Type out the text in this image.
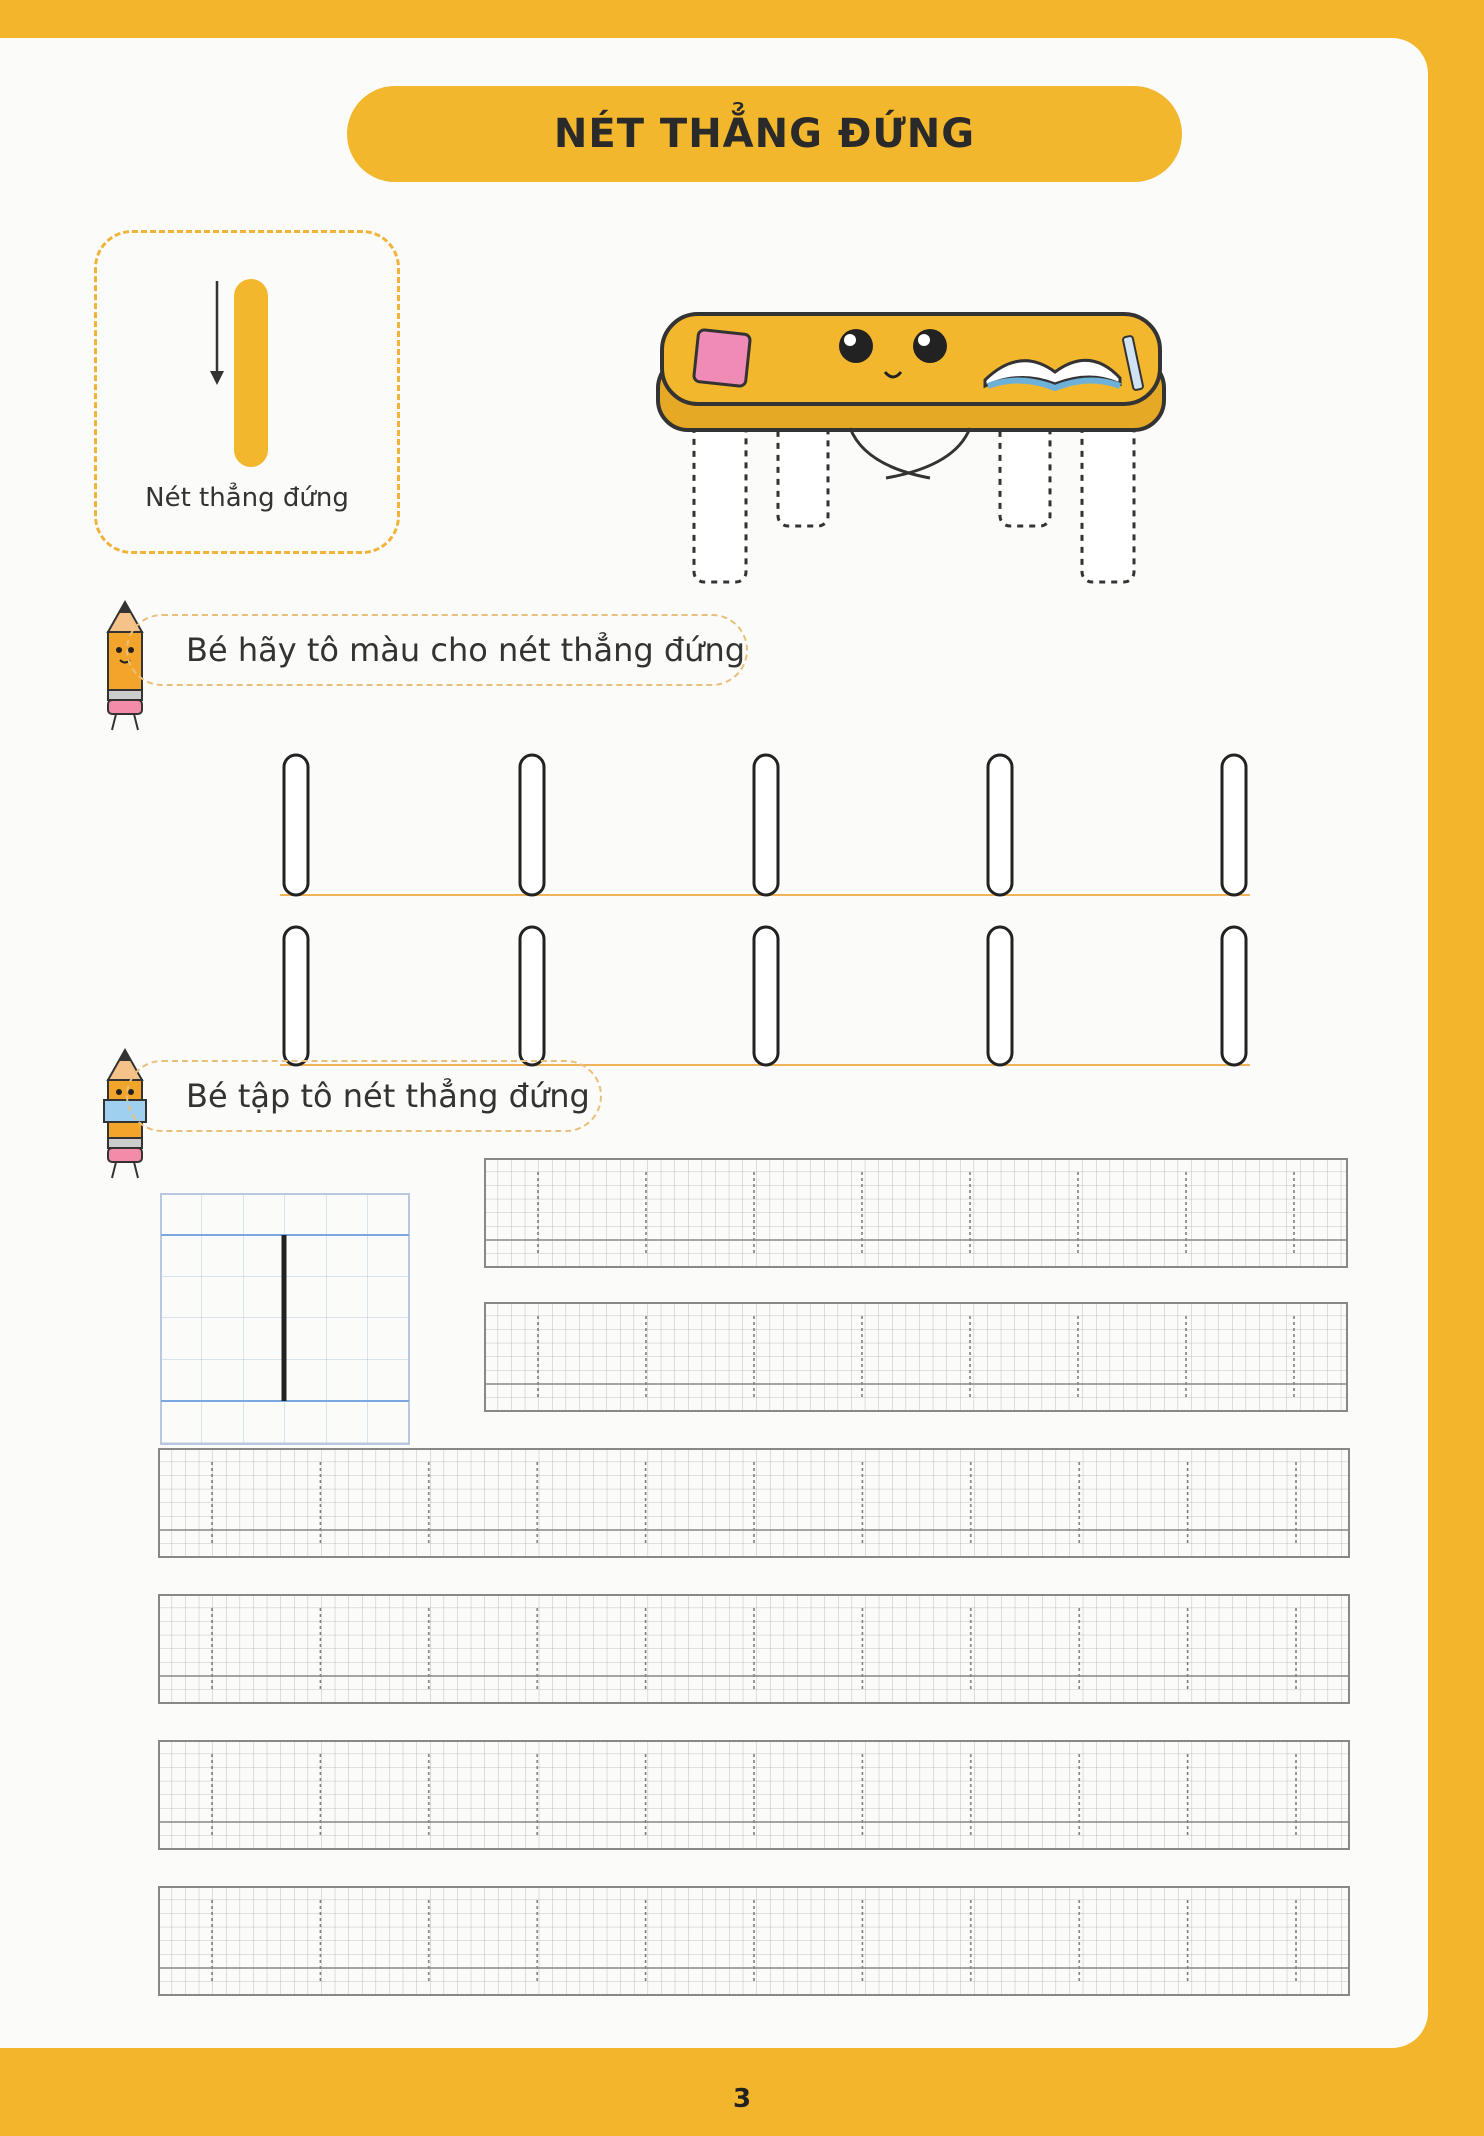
NÉT THẲNG ĐỨNG
Nét thẳng đứng
Bé hãy tô màu cho nét thẳng đứng
Bé tập tô nét thẳng đứng
3
